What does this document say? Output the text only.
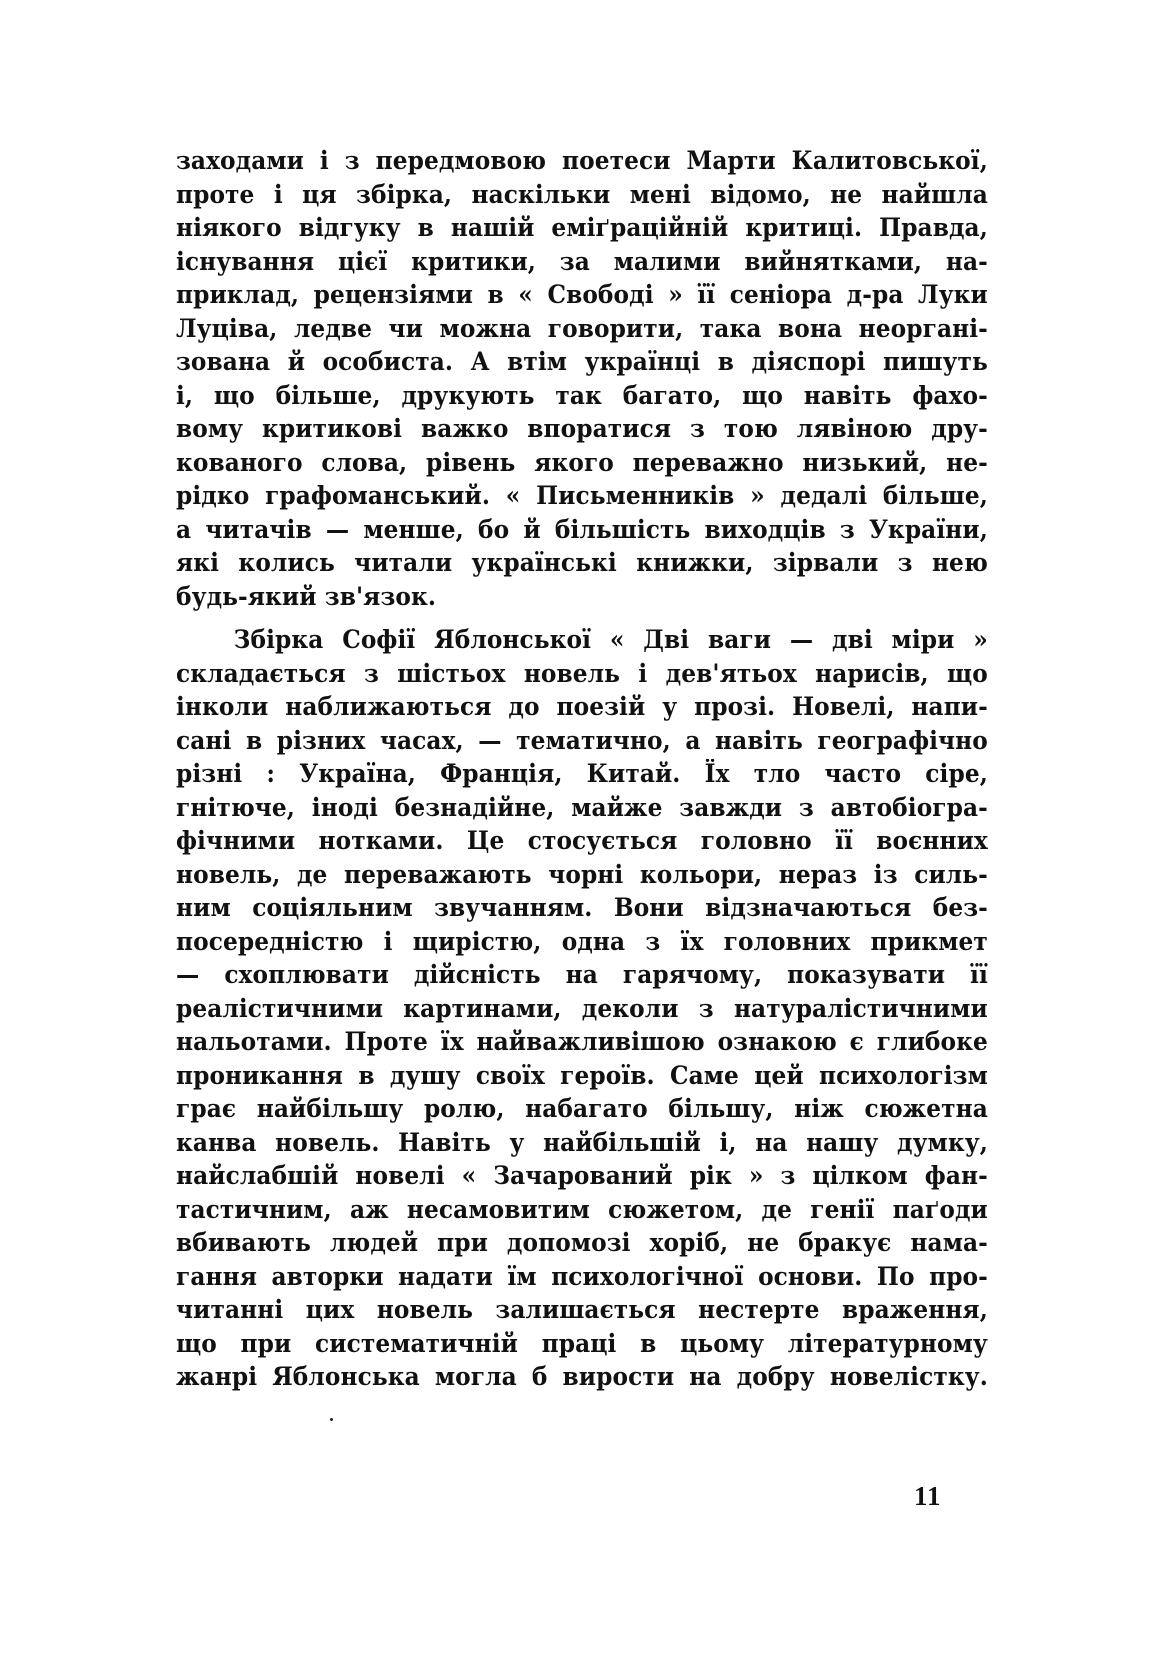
заходами і з передмовою поетеси Марти Калитовської,
проте і ця збірка, наскільки мені відомо, не найшла
ніякого відгуку в нашій еміґраційній критиці. Правда,
існування цієї критики, за малими вийнятками, на-
приклад, рецензіями в « Свободі » її сеніора д-ра Луки
Луціва, ледве чи можна говорити, така вона неоргані-
зована й особиста. А втім українці в діяспорі пишуть
і, що більше, друкують так багато, що навіть фахо-
вому критикові важко впоратися з тою лявіною дру-
кованого слова, рівень якого переважно низький, не-
рідко графоманський. « Письменників » дедалі більше,
а читачів — менше, бо й більшість виходців з України,
які колись читали українські книжки, зірвали з нею
будь-який зв'язок.
Збірка Софії Яблонської « Дві ваги — дві міри »
складається з шістьох новель і дев'ятьох нарисів, що
інколи наближаються до поезій у прозі. Новелі, напи-
сані в різних часах, — тематично, а навіть географічно
різні : Україна, Франція, Китай. Їх тло часто сіре,
гнітюче, іноді безнадійне, майже завжди з автобіогра-
фічними нотками. Це стосується головно її воєнних
новель, де переважають чорні кольори, нераз із силь-
ним соціяльним звучанням. Вони відзначаються без-
посередністю і щирістю, одна з їх головних прикмет
— схоплювати дійсність на гарячому, показувати її
реалістичними картинами, деколи з натуралістичними
нальотами. Проте їх найважливішою ознакою є глибоке
проникання в душу своїх героїв. Саме цей психологізм
грає найбільшу ролю, набагато більшу, ніж сюжетна
канва новель. Навіть у найбільшій і, на нашу думку,
найслабшій новелі « Зачарований рік » з цілком фан-
тастичним, аж несамовитим сюжетом, де генії паґоди
вбивають людей при допомозі хоріб, не бракує нама-
гання авторки надати їм психологічної основи. По про-
читанні цих новель залишається нестерте враження,
що при систематичній праці в цьому літературному
жанрі Яблонська могла б вирости на добру новелістку.
11
